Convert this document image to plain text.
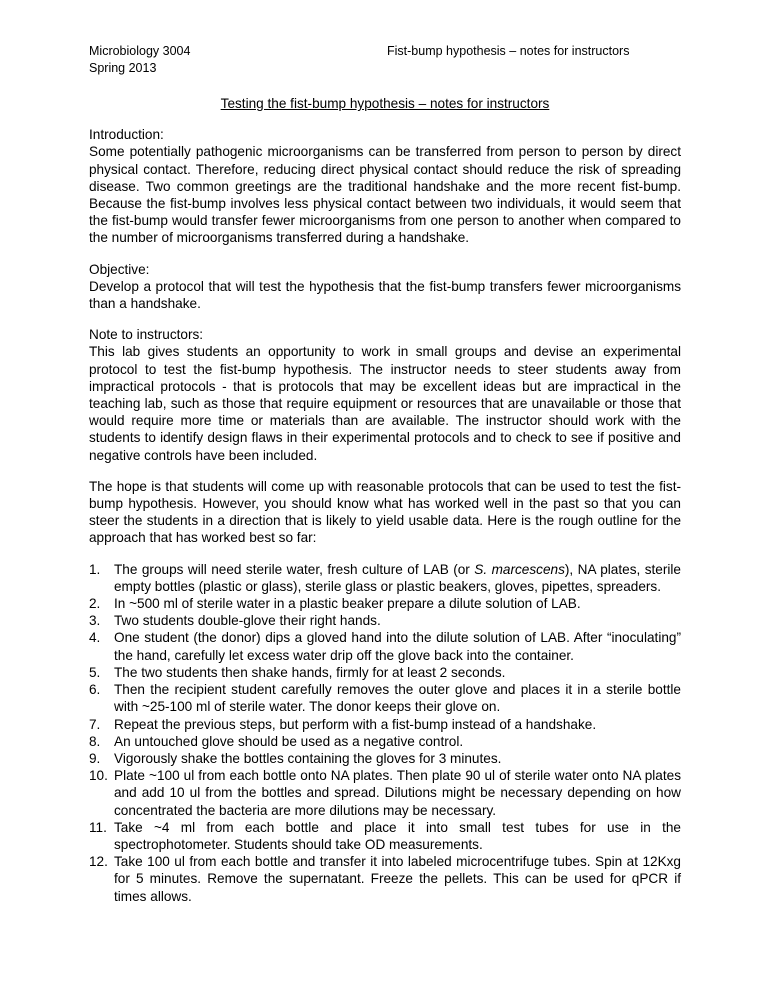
Microbiology 3004
Spring 2013
Fist-bump hypothesis – notes for instructors
Testing the fist-bump hypothesis – notes for instructors
Introduction:

Some potentially pathogenic microorganisms can be transferred from person to person by direct physical contact. Therefore, reducing direct physical contact should reduce the risk of spreading disease. Two common greetings are the traditional handshake and the more recent fist-bump. Because the fist-bump involves less physical contact between two individuals, it would seem that the fist-bump would transfer fewer microorganisms from one person to another when compared to the number of microorganisms transferred during a handshake.

Objective:

Develop a protocol that will test the hypothesis that the fist-bump transfers fewer microorganisms than a handshake.

Note to instructors:

This lab gives students an opportunity to work in small groups and devise an experimental protocol to test the fist-bump hypothesis. The instructor needs to steer students away from impractical protocols - that is protocols that may be excellent ideas but are impractical in the teaching lab, such as those that require equipment or resources that are unavailable or those that would require more time or materials than are available. The instructor should work with the students to identify design flaws in their experimental protocols and to check to see if positive and negative controls have been included.

The hope is that students will come up with reasonable protocols that can be used to test the fist-bump hypothesis. However, you should know what has worked well in the past so that you can steer the students in a direction that is likely to yield usable data. Here is the rough outline for the approach that has worked best so far:

1.	The groups will need sterile water, fresh culture of LAB (or S. marcescens), NA plates, sterile empty bottles (plastic or glass), sterile glass or plastic beakers, gloves, pipettes, spreaders.
2.	In ~500 ml of sterile water in a plastic beaker prepare a dilute solution of LAB.
3.	Two students double-glove their right hands.
4.	One student (the donor) dips a gloved hand into the dilute solution of LAB. After “inoculating” the hand, carefully let excess water drip off the glove back into the container.
5.	The two students then shake hands, firmly for at least 2 seconds.
6.	Then the recipient student carefully removes the outer glove and places it in a sterile bottle with ~25-100 ml of sterile water. The donor keeps their glove on.
7.	Repeat the previous steps, but perform with a fist-bump instead of a handshake.
8.	An untouched glove should be used as a negative control.
9.	Vigorously shake the bottles containing the gloves for 3 minutes.
10. Plate ~100 ul from each bottle onto NA plates. Then plate 90 ul of sterile water onto NA plates and add 10 ul from the bottles and spread. Dilutions might be necessary depending on how concentrated the bacteria are more dilutions may be necessary.
11. Take ~4 ml from each bottle and place it into small test tubes for use in the spectrophotometer. Students should take OD measurements.
12. Take 100 ul from each bottle and transfer it into labeled microcentrifuge tubes. Spin at 12Kxg for 5 minutes. Remove the supernatant. Freeze the pellets. This can be used for qPCR if times allows.
